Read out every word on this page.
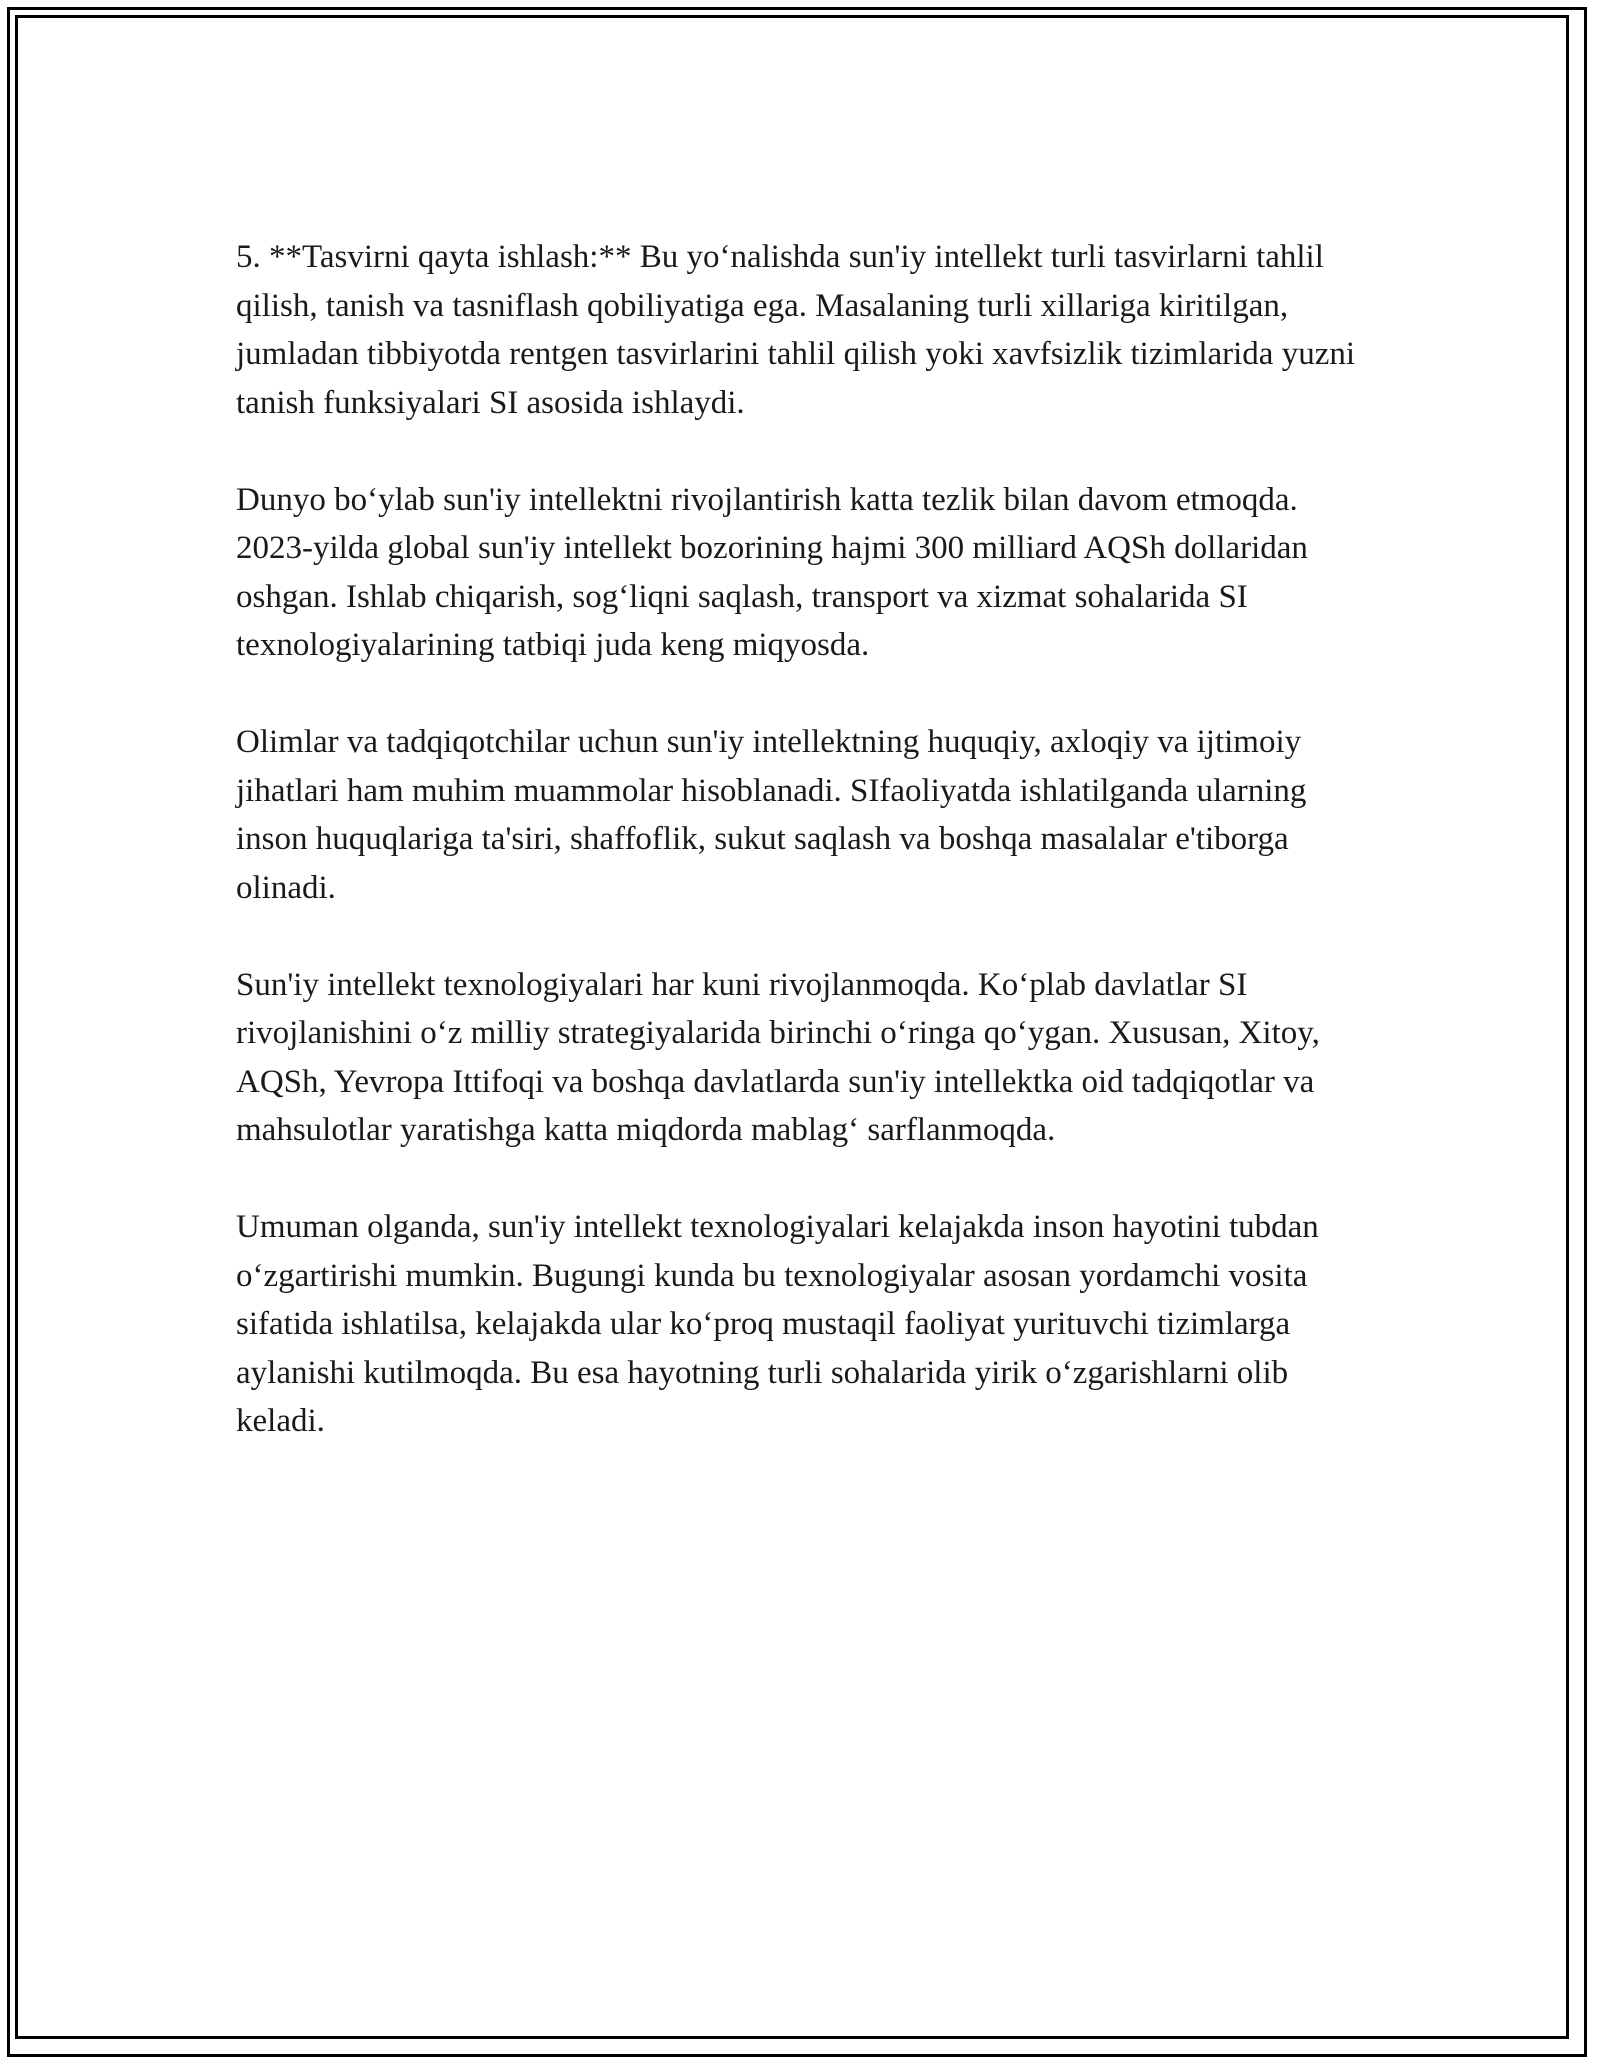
5. **Tasvirni qayta ishlash:** Bu yo‘nalishda sun'iy intellekt turli tasvirlarni tahlil qilish, tanish va tasniflash qobiliyatiga ega. Masalaning turli xillariga kiritilgan, jumladan tibbiyotda rentgen tasvirlarini tahlil qilish yoki xavfsizlik tizimlarida yuzni tanish funksiyalari SI asosida ishlaydi.

Dunyo bo‘ylab sun'iy intellektni rivojlantirish katta tezlik bilan davom etmoqda. 2023-yilda global sun'iy intellekt bozorining hajmi 300 milliard AQSh dollaridan oshgan. Ishlab chiqarish, sog‘liqni saqlash, transport va xizmat sohalarida SI texnologiyalarining tatbiqi juda keng miqyosda.

Olimlar va tadqiqotchilar uchun sun'iy intellektning huquqiy, axloqiy va ijtimoiy jihatlari ham muhim muammolar hisoblanadi. SIfaoliyatda ishlatilganda ularning inson huquqlariga ta'siri, shaffoflik, sukut saqlash va boshqa masalalar e'tiborga olinadi.

Sun'iy intellekt texnologiyalari har kuni rivojlanmoqda. Ko‘plab davlatlar SI rivojlanishini o‘z milliy strategiyalarida birinchi o‘ringa qo‘ygan. Xususan, Xitoy, AQSh, Yevropa Ittifoqi va boshqa davlatlarda sun'iy intellektka oid tadqiqotlar va mahsulotlar yaratishga katta miqdorda mablag‘ sarflanmoqda.

Umuman olganda, sun'iy intellekt texnologiyalari kelajakda inson hayotini tubdan o‘zgartirishi mumkin. Bugungi kunda bu texnologiyalar asosan yordamchi vosita sifatida ishlatilsa, kelajakda ular ko‘proq mustaqil faoliyat yurituvchi tizimlarga aylanishi kutilmoqda. Bu esa hayotning turli sohalarida yirik o‘zgarishlarni olib keladi.
